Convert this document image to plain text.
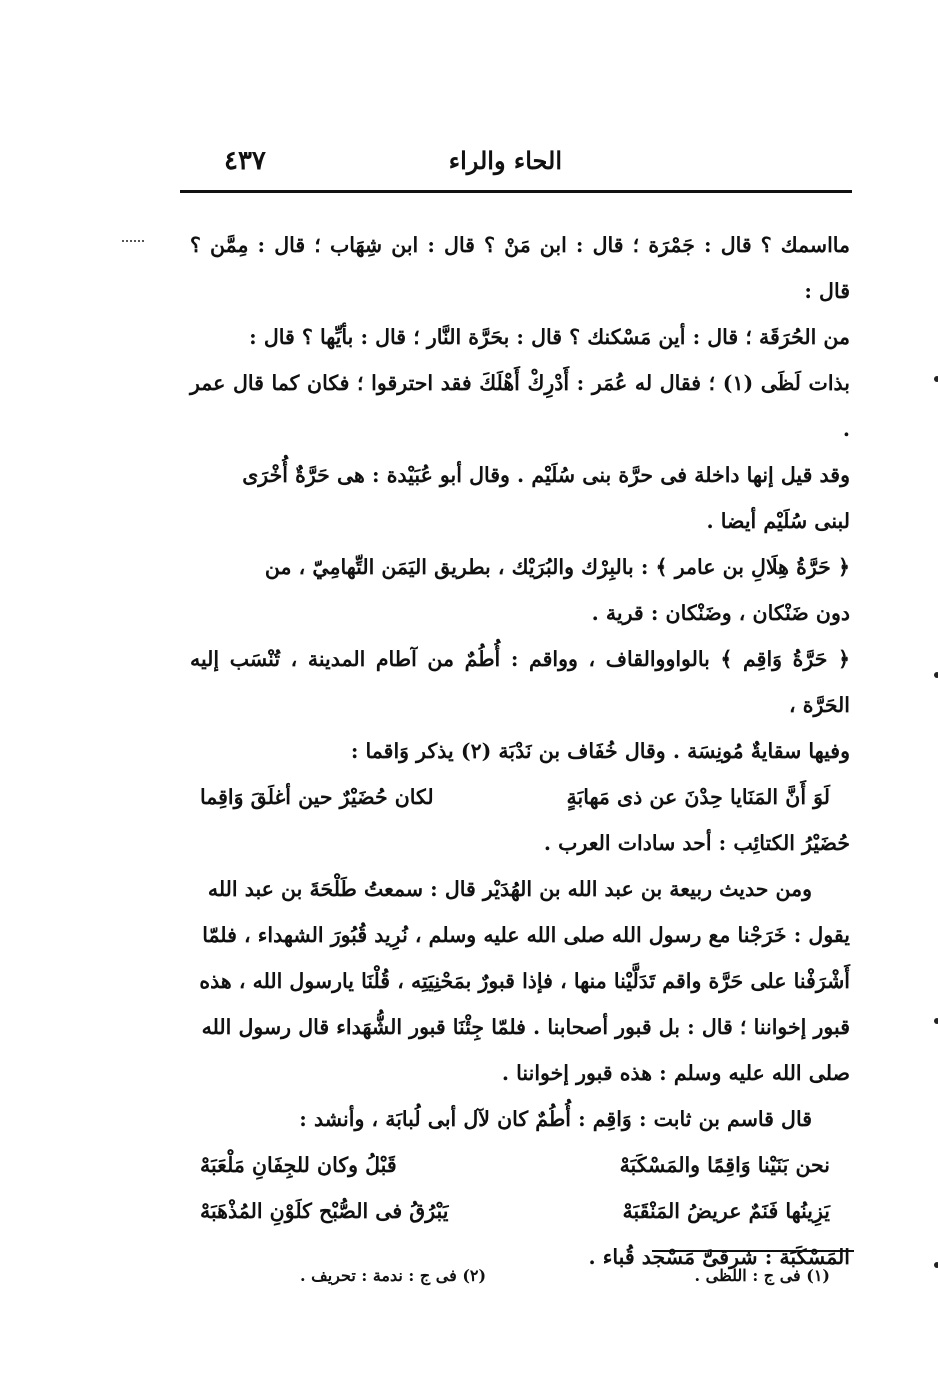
الحاء والراء
٤٣٧

مااسمك ؟ قال : جَمْرَة ؛ قال : ابن مَنْ ؟ قال : ابن شِهَاب ؛ قال : مِمَّن ؟ قال :

من الحُرَقَة ؛ قال : أين مَسْكنك ؟ قال : بحَرَّة النَّار ؛ قال : بأيِّها ؟ قال :

بذات لَظَى (١) ؛ فقال له عُمَر : أَدْرِكْ أَهْلَكَ فقد احترقوا ؛ فكان كما قال عمر .

وقد قيل إنها داخلة فى حرَّة بنى سُلَيْم . وقال أبو عُبَيْدة : هى حَرَّةٌ أُخْرَى

لبنى سُلَيْم أيضا .

﴿ حَرَّةُ هِلَالِ بن عامر ﴾ : بالبِرْك والبُرَيْك ، بطريق اليَمَن التِّهامِيّ ، من

دون ضَنْكان ، وضَنْكان : قرية .

﴿ حَرَّةُ وَاقِم ﴾ بالواووالقاف ، وواقم : أُطُمٌ من آطام المدينة ، تُنْسَب إليه الحَرَّة ،

وفيها سقايةٌ مُونِسَة . وقال خُفَاف بن نَدْبَة (٢) يذكر وَاقما :

لَوَ أَنَّ المَنَايا حِدْنَ عن ذى مَهابَةٍ
لكان حُضَيْرٌ حين أغلَقَ وَاقِما

حُضَيْرُ الكتائِب : أحد سادات العرب .

ومن حديث ربيعة بن عبد الله بن الهُدَيْر قال : سمعتُ طَلْحَةَ بن عبد الله

يقول : خَرَجْنا مع رسول الله صلى الله عليه وسلم ، نُرِيد قُبُورَ الشهداء ، فلمّا

أَشْرَفْنا على حَرَّة واقم تَدَلَّيْنا منها ، فإذا قبورٌ بمَحْنِيَتِه ، قُلْنَا يارسول الله ، هذه

قبور إخواننا ؛ قال : بل قبور أصحابنا . فلمّا جِئْنَا قبور الشُّهَداء قال رسول الله

صلى الله عليه وسلم : هذه قبور إخواننا .

قال قاسم بن ثابت : وَاقِم : أُطُمٌ كان لآل أبى لُبابَة ، وأنشد :

نحن بَنَيْنا وَاقِمًا والمَسْكَبَهْ
قَبْلُ وكان للجِفَانِ مَلْعَبَهْ
يَزِينُها فَنَمٌ عريضُ المَنْقَبَهْ
يَبْرُقُ فى الصُّبْح كلَوْنِ المُذْهَبَهْ

المَسْكَبَة : شرقىَّ مَسْجد قُباء .

(١) فى ج : اللظى .
(٢) فى ج : ندمة : تحريف .
